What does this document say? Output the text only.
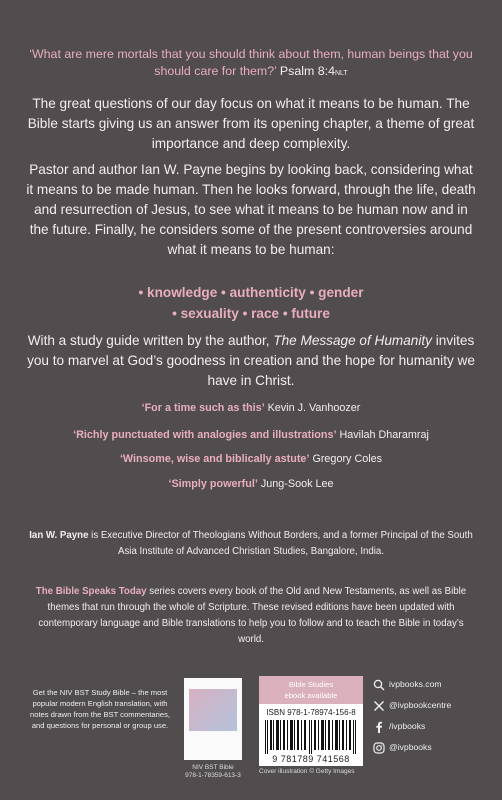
‘What are mere mortals that you should think about them, human beings that you should care for them?’ Psalm 8:4NLT
The great questions of our day focus on what it means to be human. The Bible starts giving us an answer from its opening chapter, a theme of great importance and deep complexity.
Pastor and author Ian W. Payne begins by looking back, considering what it means to be made human. Then he looks forward, through the life, death and resurrection of Jesus, to see what it means to be human now and in the future. Finally, he considers some of the present controversies around what it means to be human:
• knowledge • authenticity • gender
• sexuality • race • future
With a study guide written by the author, The Message of Humanity invites you to marvel at God’s goodness in creation and the hope for humanity we have in Christ.
‘For a time such as this’ Kevin J. Vanhoozer
‘Richly punctuated with analogies and illustrations’ Havilah Dharamraj
‘Winsome, wise and biblically astute’ Gregory Coles
‘Simply powerful’ Jung-Sook Lee
Ian W. Payne is Executive Director of Theologians Without Borders, and a former Principal of the South Asia Institute of Advanced Christian Studies, Bangalore, India.
The Bible Speaks Today series covers every book of the Old and New Testaments, as well as Bible themes that run through the whole of Scripture. These revised editions have been updated with contemporary language and Bible translations to help you to follow and to teach the Bible in today’s world.
Get the NIV BST Study Bible – the most popular modern English translation, with notes drawn from the BST commentaries, and questions for personal or group use.
NIV BST Bible
978-1-78359-613-3
Bible Studies
ebook available
ISBN 978-1-78974-156-8
9 781789 741568
Cover illustration © Getty Images
ivpbooks.com
@ivpbookcentre
/ivpbooks
@ivpbooks
